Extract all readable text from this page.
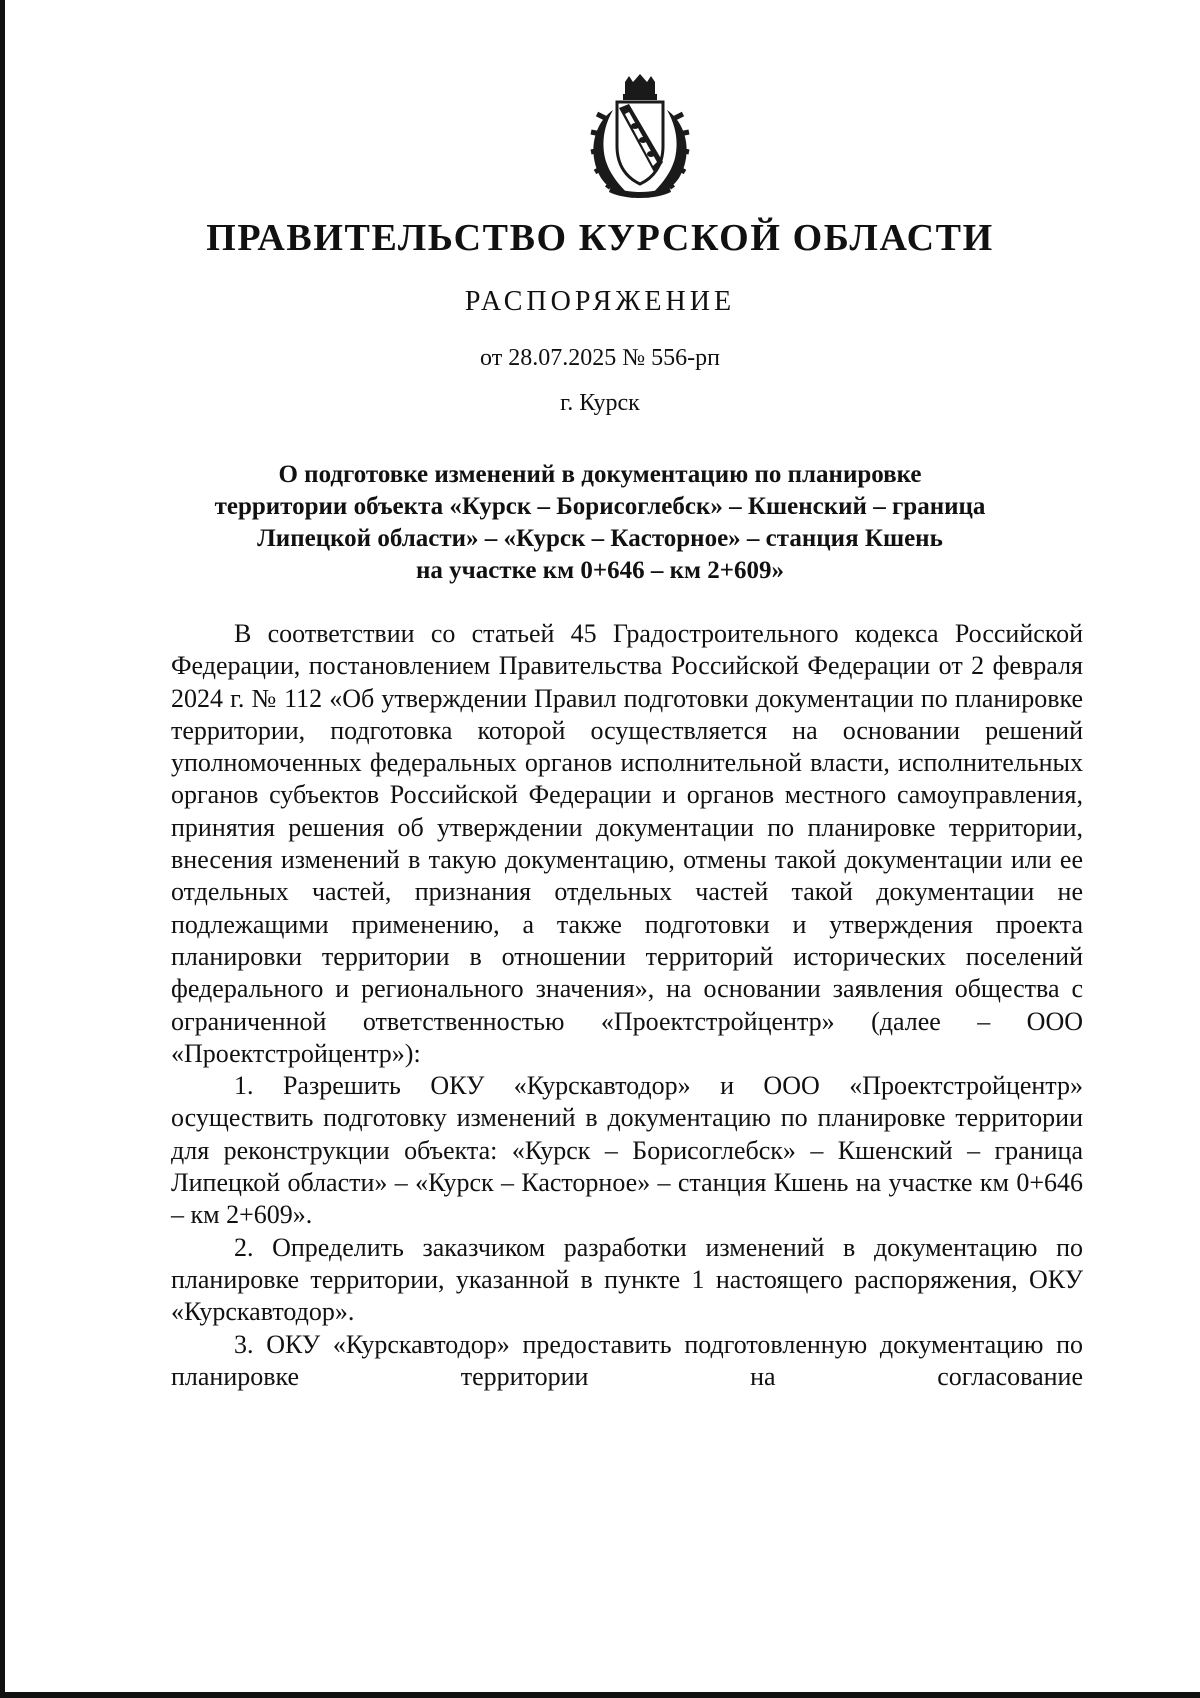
ПРАВИТЕЛЬСТВО КУРСКОЙ ОБЛАСТИ
РАСПОРЯЖЕНИЕ
от 28.07.2025 № 556-рп
г. Курск
О подготовке изменений в документацию по планировке
территории объекта «Курск – Борисоглебск» – Кшенский – граница
Липецкой области» – «Курск – Касторное» – станция Кшень
на участке км 0+646 – км 2+609»

В соответствии со статьей 45 Градостроительного кодекса Российской Федерации, постановлением Правительства Российской Федерации от 2 февраля 2024 г. № 112 «Об утверждении Правил подготовки документации по планировке территории, подготовка которой осуществляется на основании решений уполномоченных федеральных органов исполнительной власти, исполнительных органов субъектов Российской Федерации и органов местного самоуправления, принятия решения об утверждении документации по планировке территории, внесения изменений в такую документацию, отмены такой документации или ее отдельных частей, признания отдельных частей такой документации не подлежащими применению, а также подготовки и утверждения проекта планировки территории в отношении территорий исторических поселений федерального и регионального значения», на основании заявления общества с ограниченной ответственностью «Проектстройцентр» (далее – ООО «Проектстройцентр»):

1. Разрешить ОКУ «Курскавтодор» и ООО «Проектстройцентр» осуществить подготовку изменений в документацию по планировке территории для реконструкции объекта: «Курск – Борисоглебск» – Кшенский – граница Липецкой области» – «Курск – Касторное» – станция Кшень на участке км 0+646 – км 2+609».

2. Определить заказчиком разработки изменений в документацию по планировке территории, указанной в пункте 1 настоящего распоряжения, ОКУ «Курскавтодор».

3. ОКУ «Курскавтодор» предоставить подготовленную документацию по планировке территории на согласование
